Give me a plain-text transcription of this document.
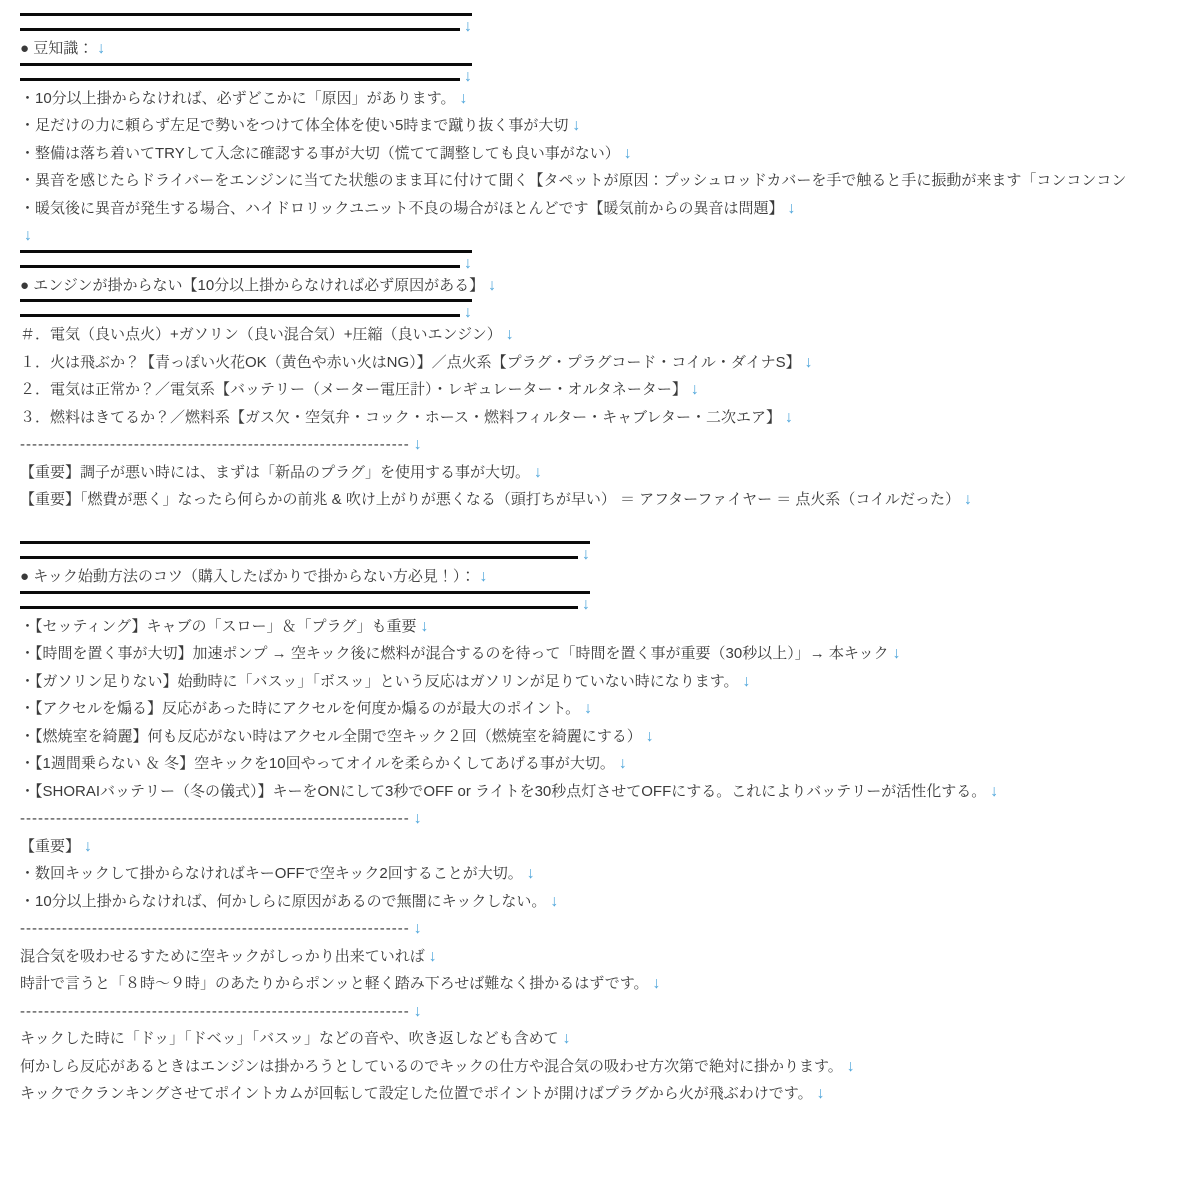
↓
● 豆知識： ↓
↓
・10分以上掛からなければ、必ずどこかに「原因」があります。 ↓
・足だけの力に頼らず左足で勢いをつけて体全体を使い5時まで蹴り抜く事が大切 ↓
・整備は落ち着いてTRYして入念に確認する事が大切（慌てて調整しても良い事がない） ↓
・異音を感じたらドライバーをエンジンに当てた状態のまま耳に付けて聞く【タペットが原因：プッシュロッドカバーを手で触ると手に振動が来ます「コンコンコン
・暖気後に異音が発生する場合、ハイドロリックユニット不良の場合がほとんどです【暖気前からの異音は問題】 ↓
↓
↓
● エンジンが掛からない【10分以上掛からなければ必ず原因がある】 ↓
↓
＃．電気（良い点火）+ガソリン（良い混合気）+圧縮（良いエンジン） ↓
１．火は飛ぶか？【青っぽい火花OK（黄色や赤い火はNG）】／点火系【プラグ・プラグコード・コイル・ダイナS】 ↓
２．電気は正常か？／電気系【バッテリー（メーター電圧計）・レギュレーター・オルタネーター】 ↓
３．燃料はきてるか？／燃料系【ガス欠・空気弁・コック・ホース・燃料フィルター・キャブレター・二次エア】 ↓
----------------------------------------------------------------- ↓
【重要】調子が悪い時には、まずは「新品のプラグ」を使用する事が大切。 ↓
【重要】「燃費が悪く」なったら何らかの前兆 & 吹け上がりが悪くなる（頭打ちが早い） ＝ アフターファイヤー ＝ 点火系（コイルだった） ↓
↓
● キック始動方法のコツ（購入したばかりで掛からない方必見！）： ↓
↓
・【セッティング】キャブの「スロー」＆「プラグ」も重要 ↓
・【時間を置く事が大切】加速ポンプ → 空キック後に燃料が混合するのを待って「時間を置く事が重要（30秒以上）」→ 本キック ↓
・【ガソリン足りない】始動時に「バスッ」「ボスッ」という反応はガソリンが足りていない時になります。 ↓
・【アクセルを煽る】反応があった時にアクセルを何度か煽るのが最大のポイント。 ↓
・【燃焼室を綺麗】何も反応がない時はアクセル全開で空キック２回（燃焼室を綺麗にする） ↓
・【1週間乗らない ＆ 冬】空キックを10回やってオイルを柔らかくしてあげる事が大切。 ↓
・【SHORAIバッテリー（冬の儀式）】キーをONにして3秒でOFF or ライトを30秒点灯させてOFFにする。これによりバッテリーが活性化する。 ↓
----------------------------------------------------------------- ↓
【重要】 ↓
・数回キックして掛からなければキーOFFで空キック2回することが大切。 ↓
・10分以上掛からなければ、何かしらに原因があるので無闇にキックしない。 ↓
----------------------------------------------------------------- ↓
混合気を吸わせるすために空キックがしっかり出来ていれば ↓
時計で言うと「８時～９時」のあたりからポンッと軽く踏み下ろせば難なく掛かるはずです。 ↓
----------------------------------------------------------------- ↓
キックした時に「ドッ」「ドベッ」「バスッ」などの音や、吹き返しなども含めて ↓
何かしら反応があるときはエンジンは掛かろうとしているのでキックの仕方や混合気の吸わせ方次第で絶対に掛かります。 ↓
キックでクランキングさせてポイントカムが回転して設定した位置でポイントが開けばプラグから火が飛ぶわけです。 ↓
